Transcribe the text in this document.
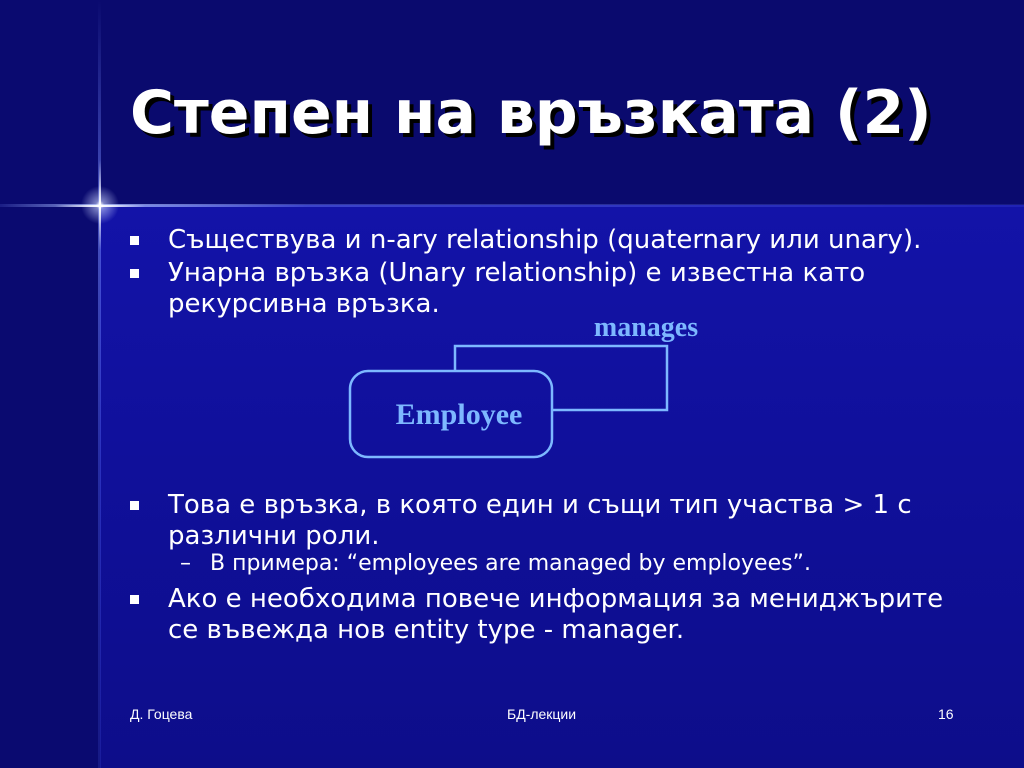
Степен на връзката (2)
Съществува и n-ary relationship (quaternary или unary).
Унарна връзка (Unary relationship) е известна като рекурсивна връзка.
Това е връзка, в която един и същи тип участва > 1 с различни роли.
– В примера: “employees are managed by employees”.
Ако е необходима повече информация за мениджърите се въвежда нов entity type - manager.
Employee
manages
Д. Гоцева	БД-лекции	16
